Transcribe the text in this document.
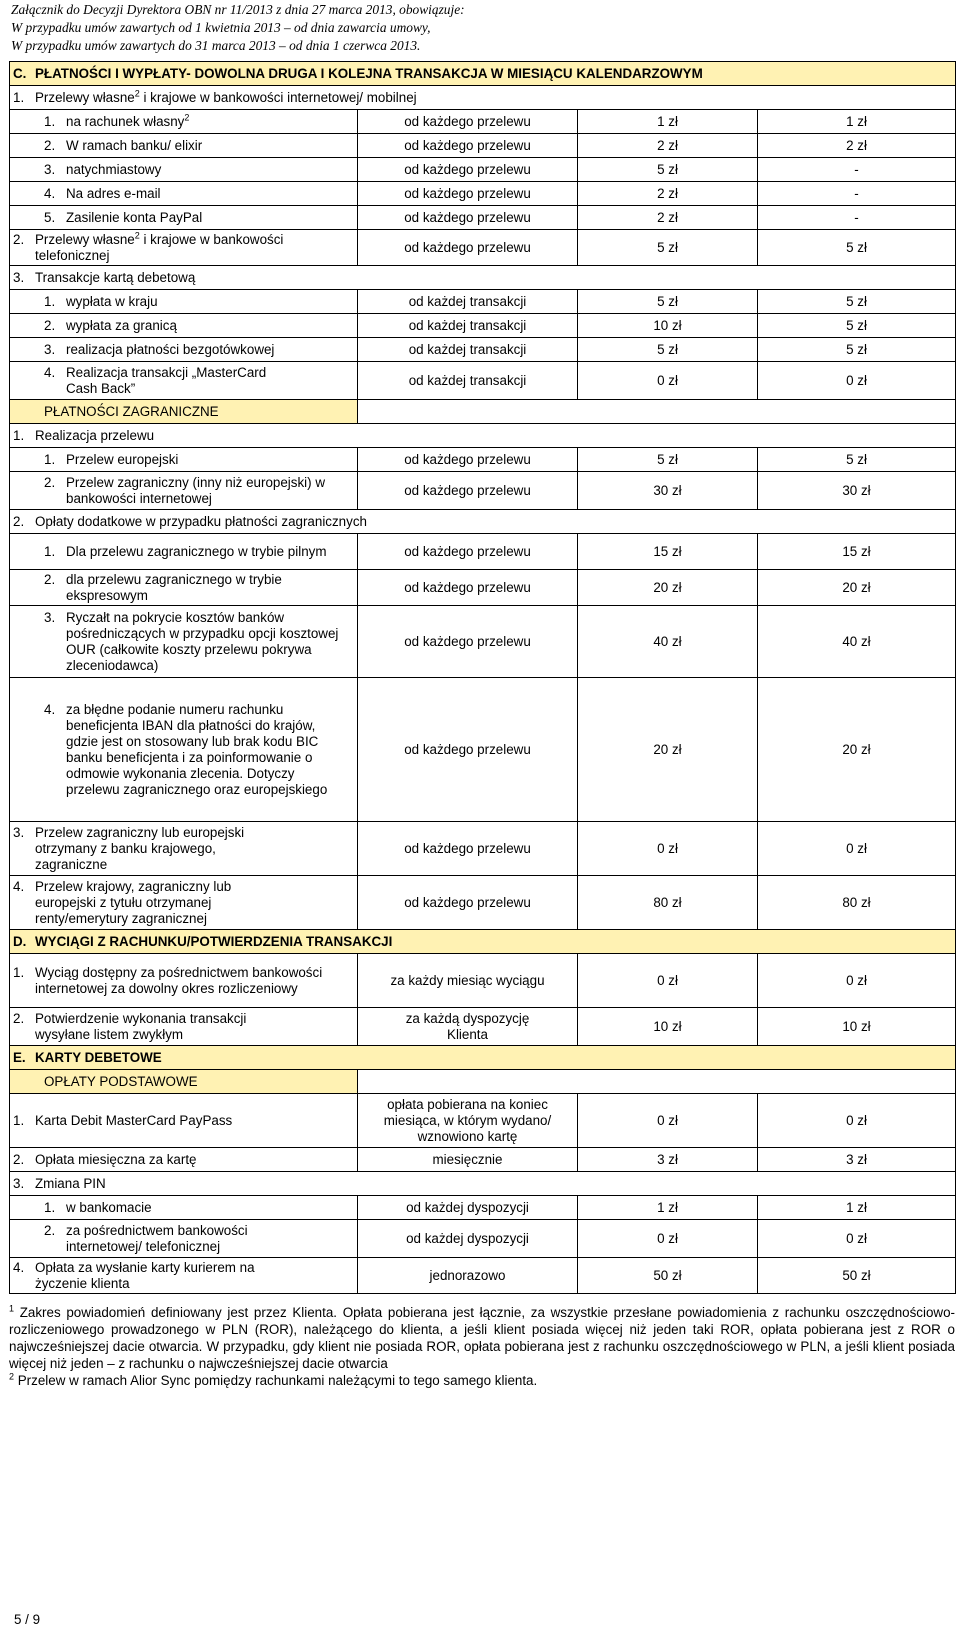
Załącznik do Decyzji Dyrektora OBN nr 11/2013 z dnia 27 marca 2013, obowiązuje:
W przypadku umów zawartych od 1 kwietnia 2013 – od dnia zawarcia umowy,
W przypadku umów zawartych do 31 marca 2013 – od dnia 1 czerwca 2013.
C. PŁATNOŚCI I WYPŁATY- DOWOLNA DRUGA I KOLEJNA TRANSAKCJA W MIESIĄCU KALENDARZOWYM			
1. Przelewy własne$^2$ i krajowe w bankowości internetowej/ mobilnej			
1. na rachunek własny$^2$	od każdego przelewu	1 zł	1 zł
2. W ramach banku/ elixir	od każdego przelewu	2 zł	2 zł
3. natychmiastowy	od każdego przelewu	5 zł	-
4. Na adres e-mail	od każdego przelewu	2 zł	-
5. Zasilenie konta PayPal	od każdego przelewu	2 zł	-
2. Przelewy własne$^2$ i krajowe w bankowości telefonicznej	od każdego przelewu	5 zł	5 zł
3. Transakcje kartą debetową			
1. wypłata w kraju	od każdej transakcji	5 zł	5 zł
2. wypłata za granicą	od każdej transakcji	10 zł	5 zł
3. realizacja płatności bezgotówkowej	od każdej transakcji	5 zł	5 zł
4. Realizacja transakcji „MasterCard Cash Back”	od każdej transakcji	0 zł	0 zł
PŁATNOŚCI ZAGRANICZNE			
1. Realizacja przelewu			
1. Przelew europejski	od każdego przelewu	5 zł	5 zł
2. Przelew zagraniczny (inny niż europejski) w bankowości internetowej	od każdego przelewu	30 zł	30 zł
2. Opłaty dodatkowe w przypadku płatności zagranicznych			
1. Dla przelewu zagranicznego w trybie pilnym	od każdego przelewu	15 zł	15 zł
2. dla przelewu zagranicznego w trybie ekspresowym	od każdego przelewu	20 zł	20 zł
3. Ryczałt na pokrycie kosztów banków pośredniczących w przypadku opcji kosztowej OUR (całkowite koszty przelewu pokrywa zleceniodawca)	od każdego przelewu	40 zł	40 zł
4. za błędne podanie numeru rachunku beneficjenta IBAN dla płatności do krajów, gdzie jest on stosowany lub brak kodu BIC banku beneficjenta i za poinformowanie o odmowie wykonania zlecenia. Dotyczy przelewu zagranicznego oraz europejskiego	od każdego przelewu	20 zł	20 zł
3. Przelew zagraniczny lub europejski otrzymany z banku krajowego, zagraniczne	od każdego przelewu	0 zł	0 zł
4. Przelew krajowy, zagraniczny lub europejski z tytułu otrzymanej renty/emerytury zagranicznej	od każdego przelewu	80 zł	80 zł
D. WYCIĄGI Z RACHUNKU/POTWIERDZENIA TRANSAKCJI			
1. Wyciąg dostępny za pośrednictwem bankowości internetowej za dowolny okres rozliczeniowy	za każdy miesiąc wyciągu	0 zł	0 zł
2. Potwierdzenie wykonania transakcji wysyłane listem zwykłym	za każdą dyspozycję Klienta	10 zł	10 zł
E. KARTY DEBETOWE			
OPŁATY PODSTAWOWE			
1. Karta Debit MasterCard PayPass	opłata pobierana na koniec miesiąca, w którym wydano/ wznowiono kartę	0 zł	0 zł
2. Opłata miesięczna za kartę	miesięcznie	3 zł	3 zł
3. Zmiana PIN			
1. w bankomacie	od każdej dyspozycji	1 zł	1 zł
2. za pośrednictwem bankowości internetowej/ telefonicznej	od każdej dyspozycji	0 zł	0 zł
4. Opłata za wysłanie karty kurierem na życzenie klienta	jednorazowo	50 zł	50 zł

$^1$ Zakres powiadomień definiowany jest przez Klienta. Opłata pobierana jest łącznie, za wszystkie przesłane powiadomienia z rachunku oszczędnościowo-rozliczeniowego prowadzonego w PLN (ROR), należącego do klienta, a jeśli klient posiada więcej niż jeden taki ROR, opłata pobierana jest z ROR o najwcześniejszej dacie otwarcia. W przypadku, gdy klient nie posiada ROR, opłata pobierana jest z rachunku oszczędnościowego w PLN, a jeśli klient posiada więcej niż jeden – z rachunku o najwcześniejszej dacie otwarcia

$^2$ Przelew w ramach Alior Sync pomiędzy rachunkami należącymi to tego samego klienta.

5 / 9
